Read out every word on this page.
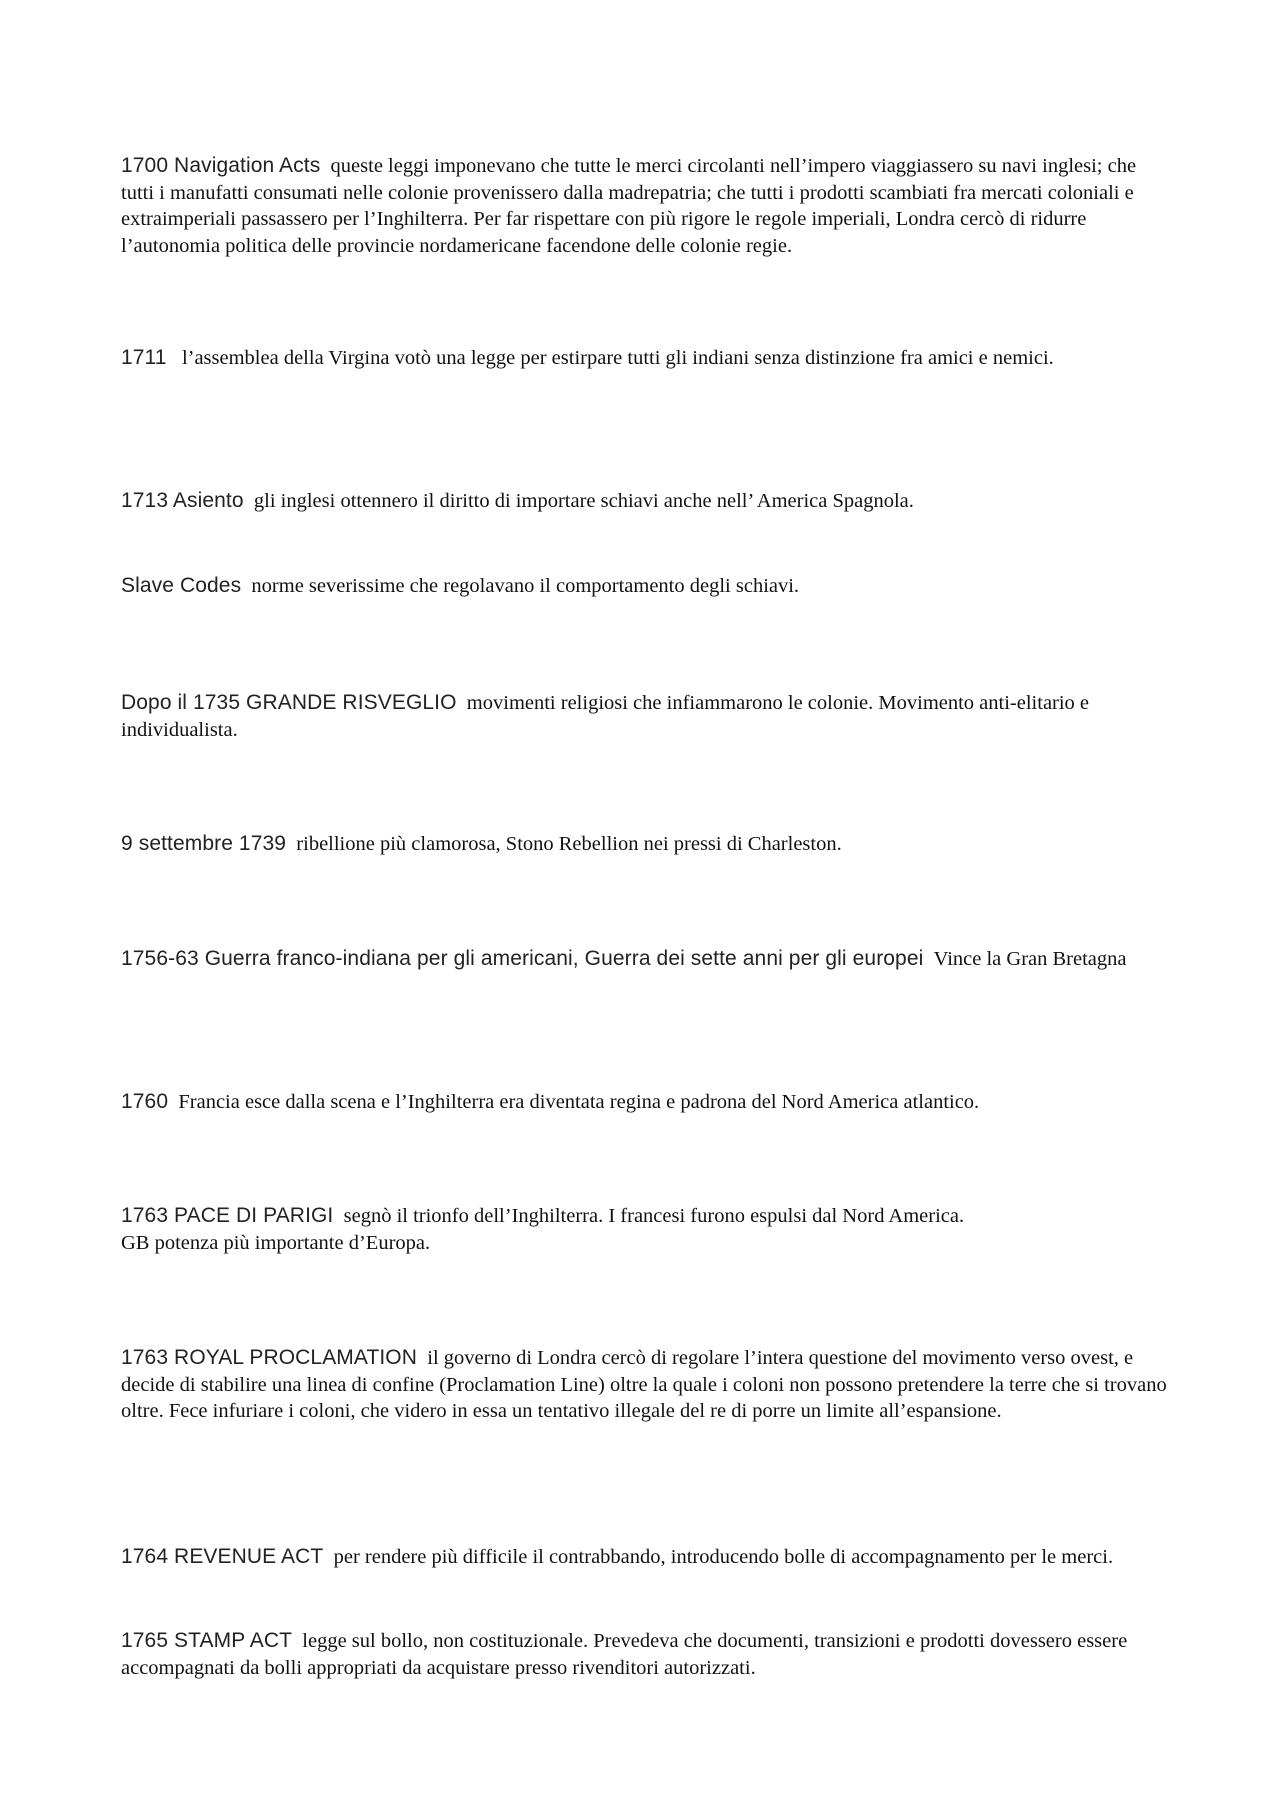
1700 Navigation Acts queste leggi imponevano che tutte le merci circolanti nell’impero viaggiassero su navi inglesi; che tutti i manufatti consumati nelle colonie provenissero dalla madrepatria; che tutti i prodotti scambiati fra mercati coloniali e extraimperiali passassero per l’Inghilterra. Per far rispettare con più rigore le regole imperiali, Londra cercò di ridurre l’autonomia politica delle provincie nordamericane facendone delle colonie regie.

1711 l’assemblea della Virgina votò una legge per estirpare tutti gli indiani senza distinzione fra amici e nemici.

1713 Asiento gli inglesi ottennero il diritto di importare schiavi anche nell’ America Spagnola.

Slave Codes norme severissime che regolavano il comportamento degli schiavi.

Dopo il 1735 GRANDE RISVEGLIO movimenti religiosi che infiammarono le colonie. Movimento anti-elitario e individualista.

9 settembre 1739 ribellione più clamorosa, Stono Rebellion nei pressi di Charleston.

1756-63 Guerra franco-indiana per gli americani, Guerra dei sette anni per gli europei Vince la Gran Bretagna

1760 Francia esce dalla scena e l’Inghilterra era diventata regina e padrona del Nord America atlantico.

1763 PACE DI PARIGI segnò il trionfo dell’Inghilterra. I francesi furono espulsi dal Nord America.
GB potenza più importante d’Europa.

1763 ROYAL PROCLAMATION il governo di Londra cercò di regolare l’intera questione del movimento verso ovest, e decide di stabilire una linea di confine (Proclamation Line) oltre la quale i coloni non possono pretendere la terre che si trovano oltre. Fece infuriare i coloni, che videro in essa un tentativo illegale del re di porre un limite all’espansione.

1764 REVENUE ACT per rendere più difficile il contrabbando, introducendo bolle di accompagnamento per le merci.

1765 STAMP ACT legge sul bollo, non costituzionale. Prevedeva che documenti, transizioni e prodotti dovessero essere accompagnati da bolli appropriati da acquistare presso rivenditori autorizzati.
